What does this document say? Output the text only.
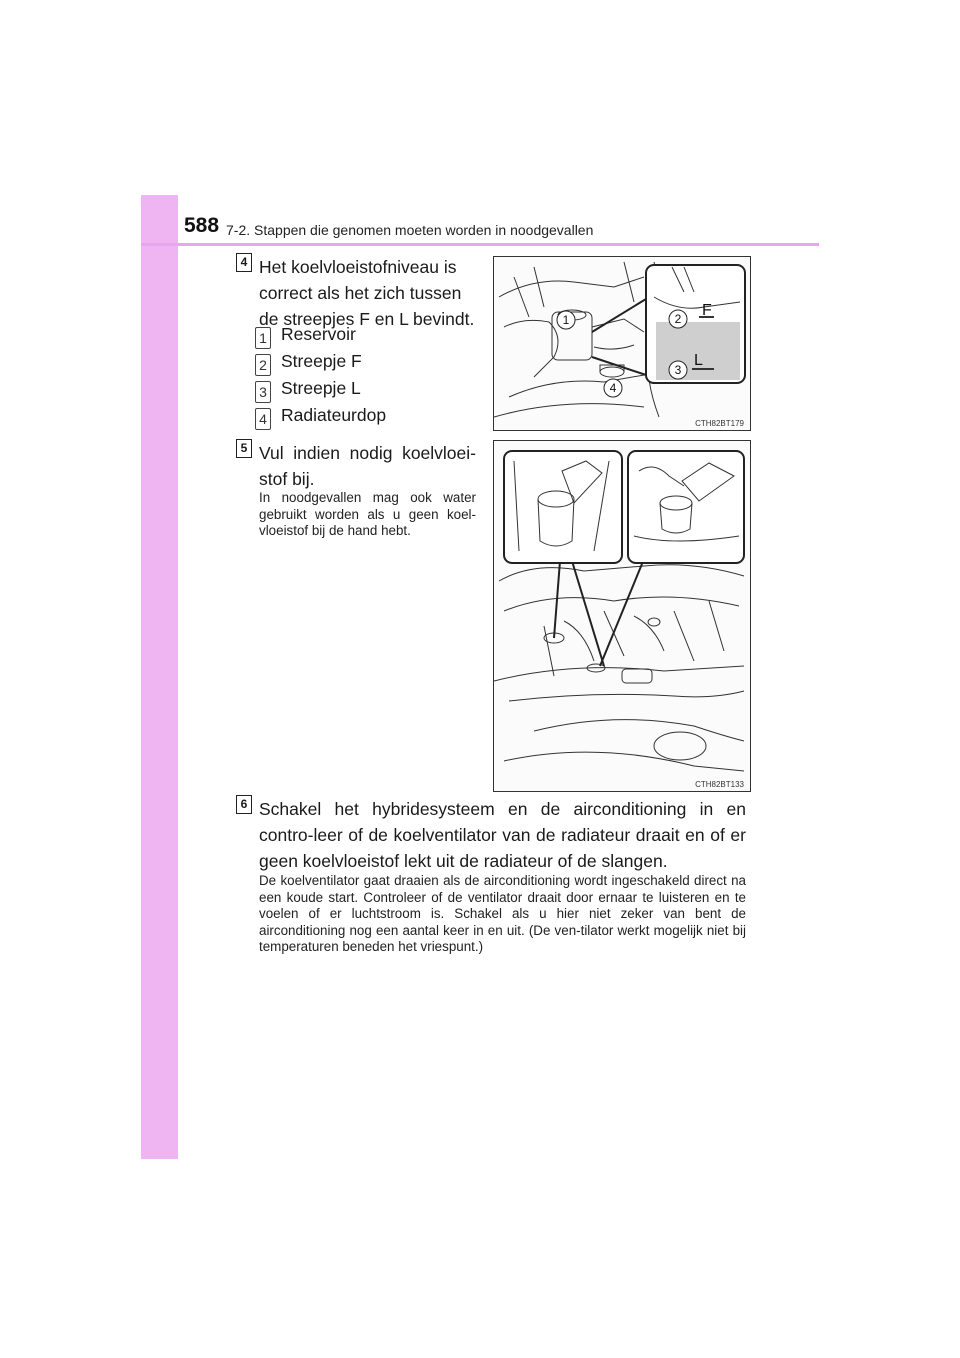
588 7-2. Stappen die genomen moeten worden in noodgevallen
4 Het koelvloeistofniveau is correct als het zich tussen de streepjes F en L bevindt.
1 Reservoir
2 Streepje F
3 Streepje L
4 Radiateurdop
5 Vul indien nodig koelvloei-stof bij.
In noodgevallen mag ook water gebruikt worden als u geen koel-vloeistof bij de hand hebt.
F
L
1	2
3
4
CTH82BT179
CTH82BT133
6 Schakel het hybridesysteem en de airconditioning in en contro-leer of de koelventilator van de radiateur draait en of er geen koelvloeistof lekt uit de radiateur of de slangen.
De koelventilator gaat draaien als de airconditioning wordt ingeschakeld direct na een koude start. Controleer of de ventilator draait door ernaar te luisteren en te voelen of er luchtstroom is. Schakel als u hier niet zeker van bent de airconditioning nog een aantal keer in en uit. (De ven-tilator werkt mogelijk niet bij temperaturen beneden het vriespunt.)
